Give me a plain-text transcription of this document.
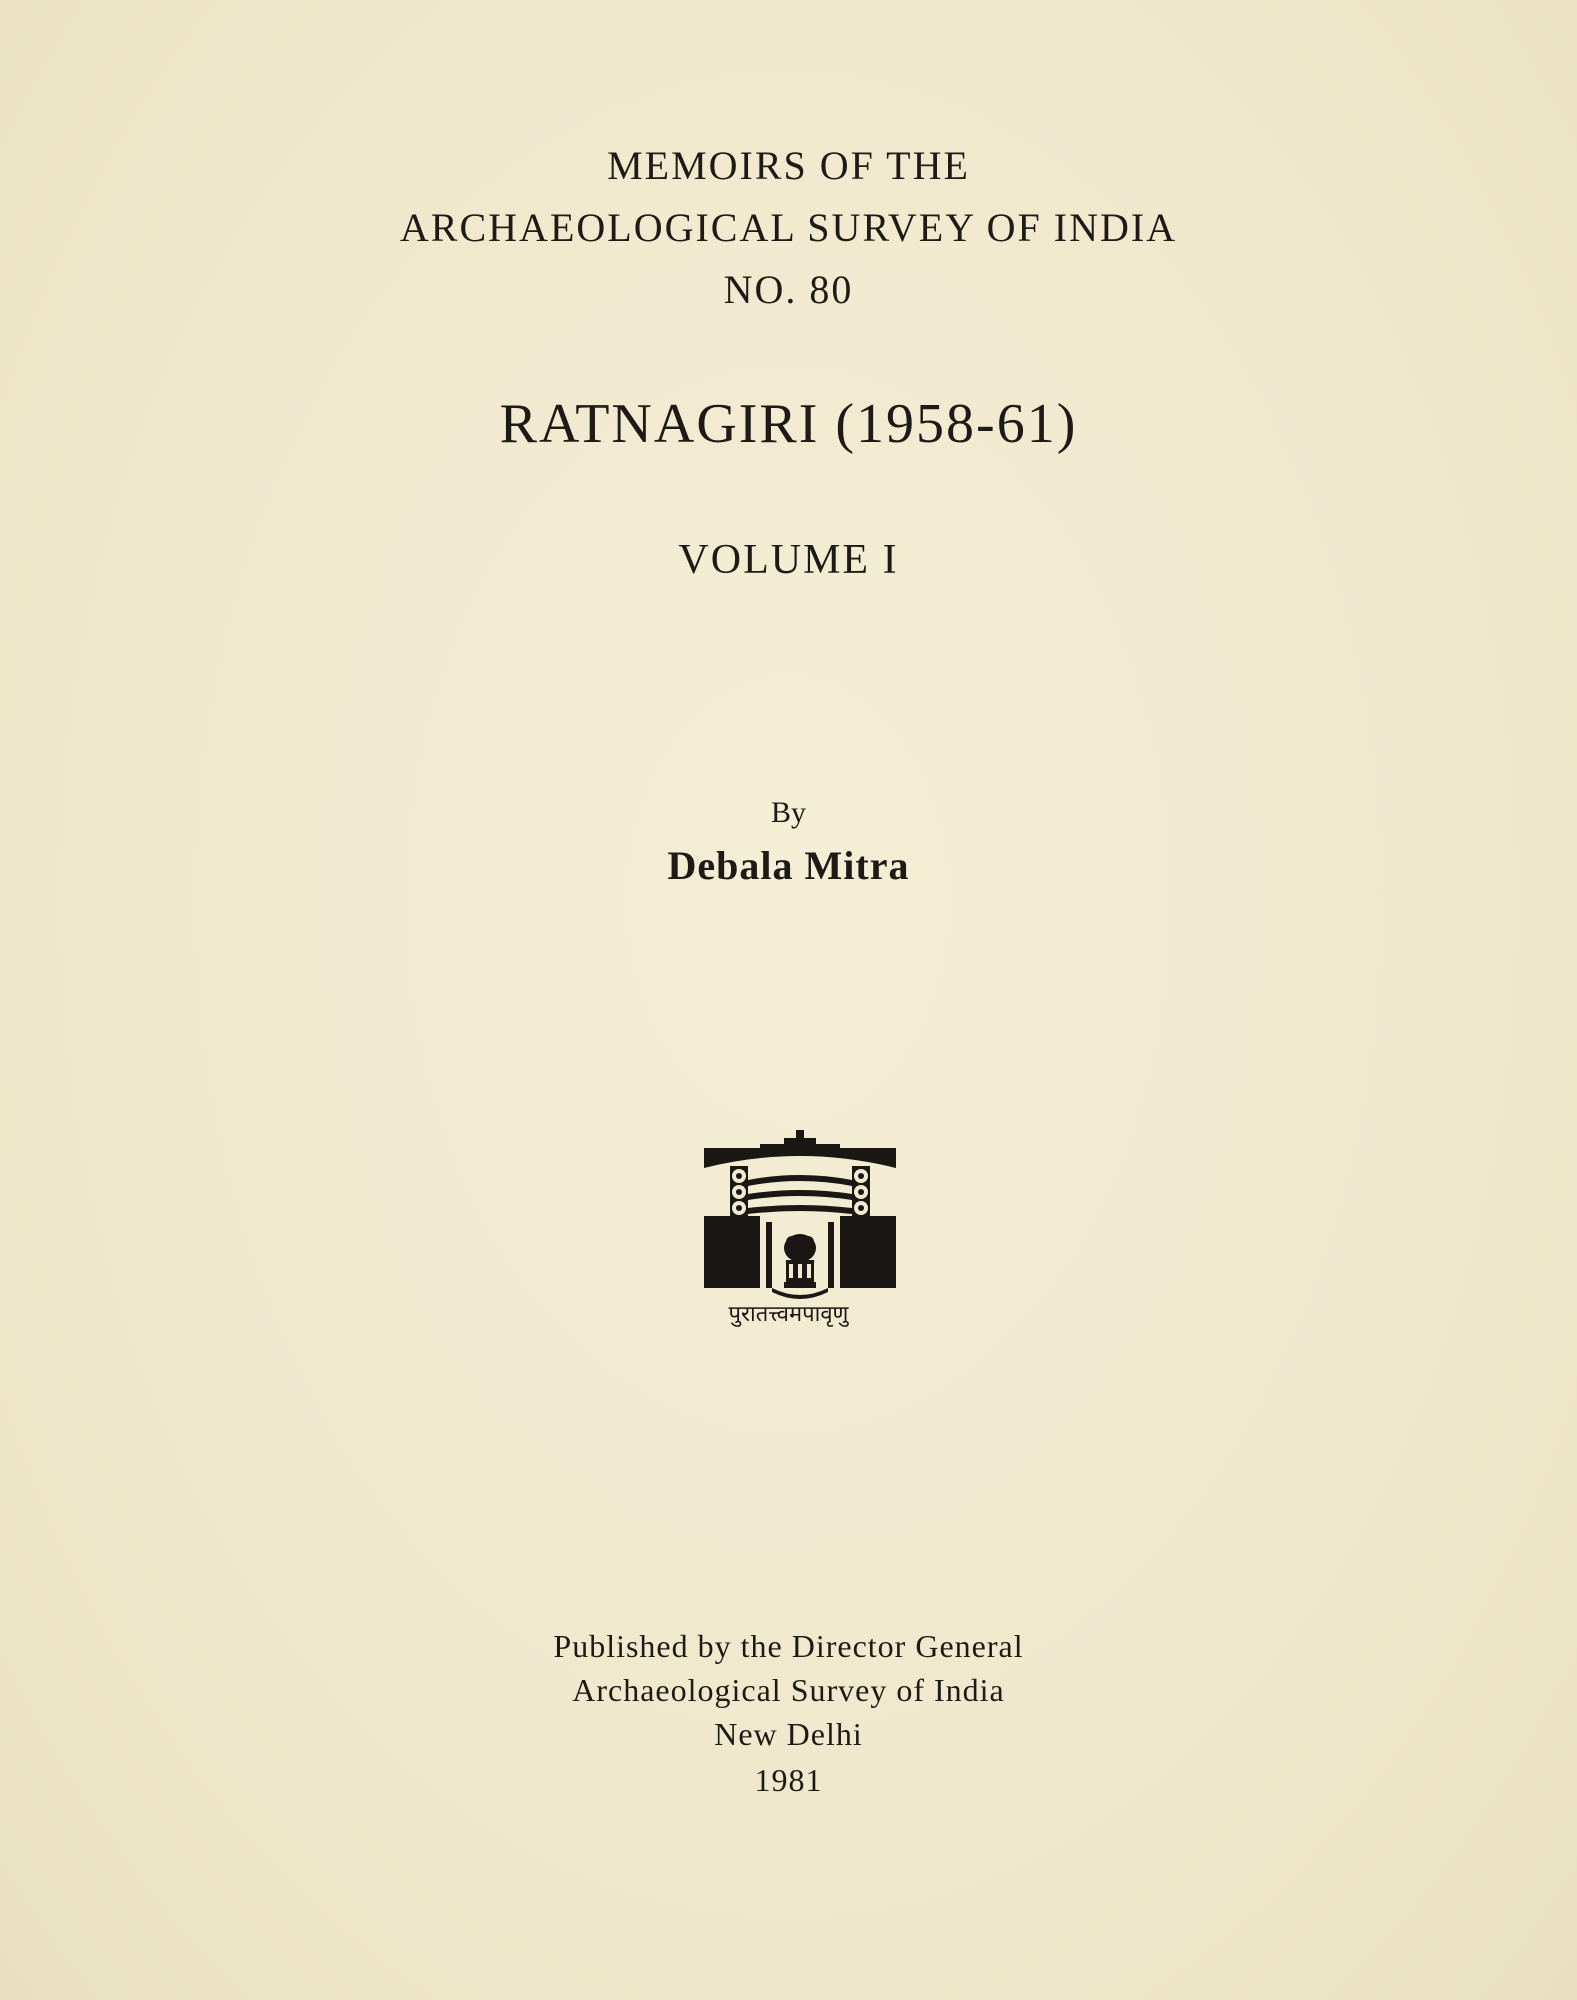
MEMOIRS OF THE
ARCHAEOLOGICAL SURVEY OF INDIA
NO. 80
RATNAGIRI (1958-61)
VOLUME I
By
Debala Mitra
पुरातत्त्वमपावृणु
Published by the Director General
Archaeological Survey of India
New Delhi
1981
